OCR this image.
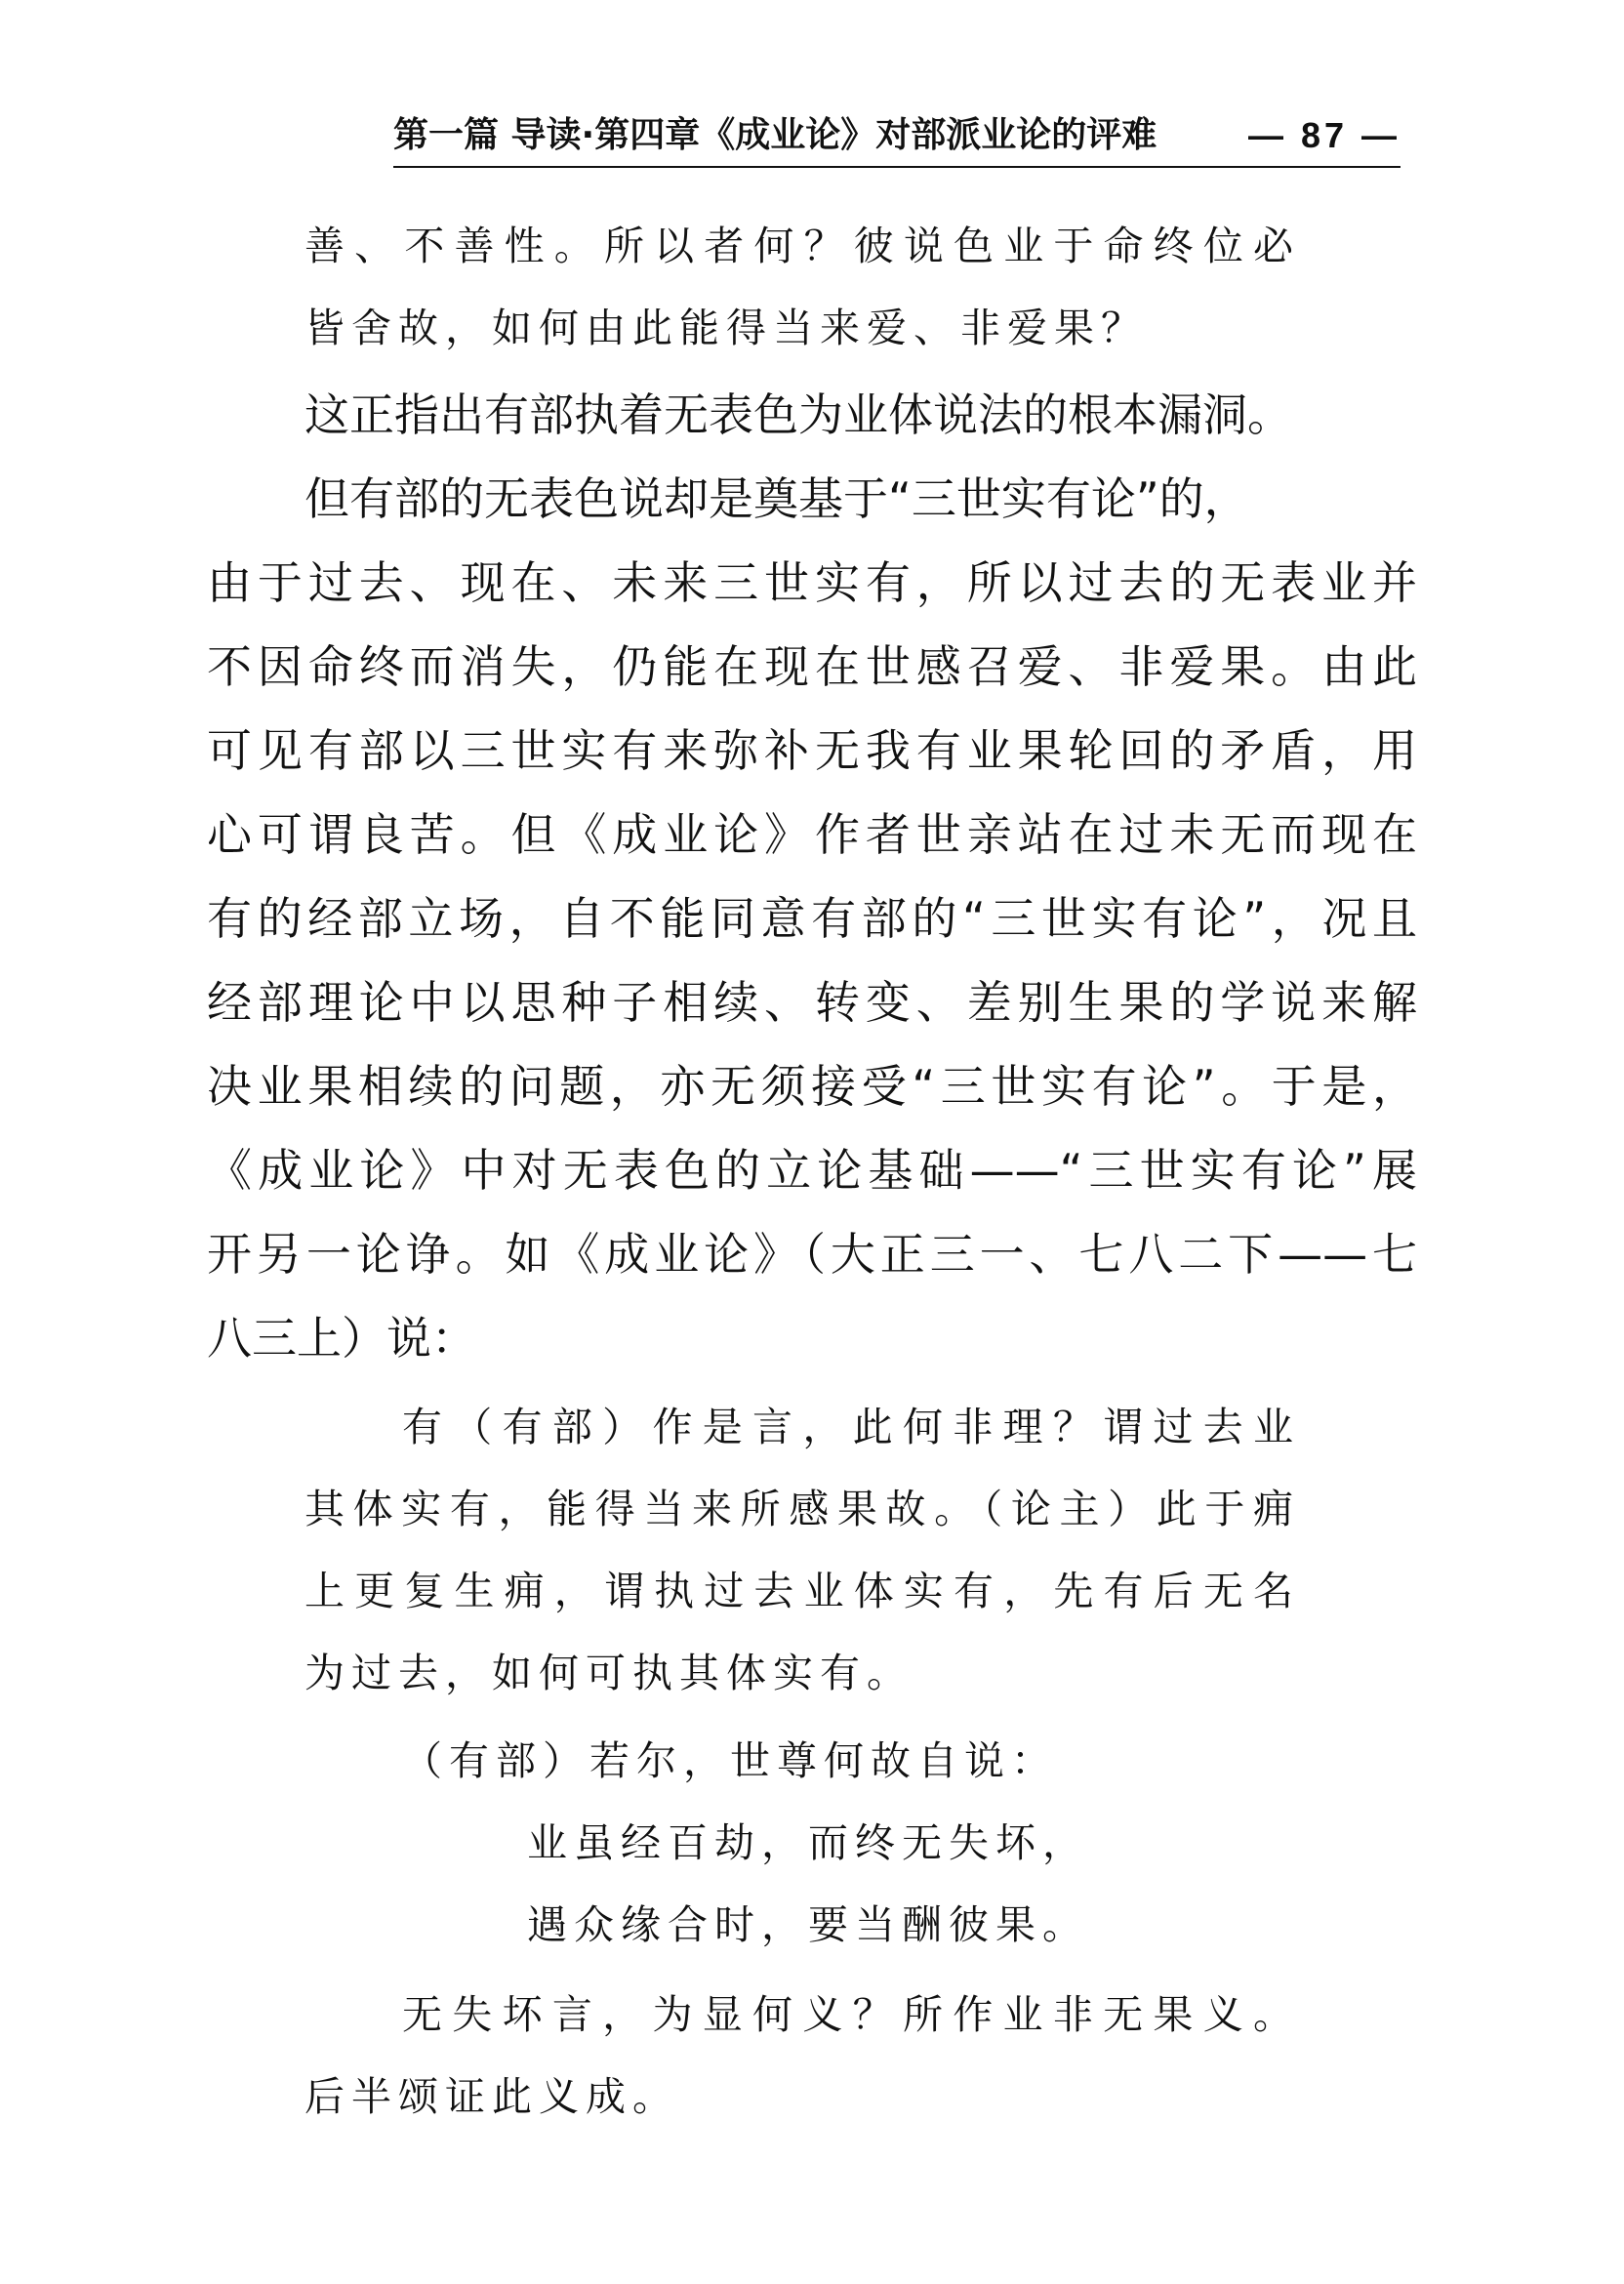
第一篇 导读·第四章《成业论》对部派业论的评难	— 87 —
善、不善性。所以者何？彼说色业于命终位必
皆舍故，如何由此能得当来爱、非爱果？
这正指出有部执着无表色为业体说法的根本漏洞。
但有部的无表色说却是奠基于“三世实有论”的，
由于过去、现在、未来三世实有，所以过去的无表业并
不因命终而消失，仍能在现在世感召爱、非爱果。由此
可见有部以三世实有来弥补无我有业果轮回的矛盾，用
心可谓良苦。但《成业论》作者世亲站在过未无而现在
有的经部立场，自不能同意有部的“三世实有论”，况且
经部理论中以思种子相续、转变、差别生果的学说来解
决业果相续的问题，亦无须接受“三世实有论”。于是，
《成业论》中对无表色的立论基础——“三世实有论”展
开另一论诤。如《成业论》（大正三一、七八二下——七
八三上）说：
有（有部）作是言，此何非理？谓过去业
其体实有，能得当来所感果故。（论主）此于痈
上更复生痈，谓执过去业体实有，先有后无名
为过去，如何可执其体实有。
（有部）若尔，世尊何故自说：
业虽经百劫，而终无失坏，
遇众缘合时，要当酬彼果。
无失坏言，为显何义？所作业非无果义。
后半颂证此义成。
